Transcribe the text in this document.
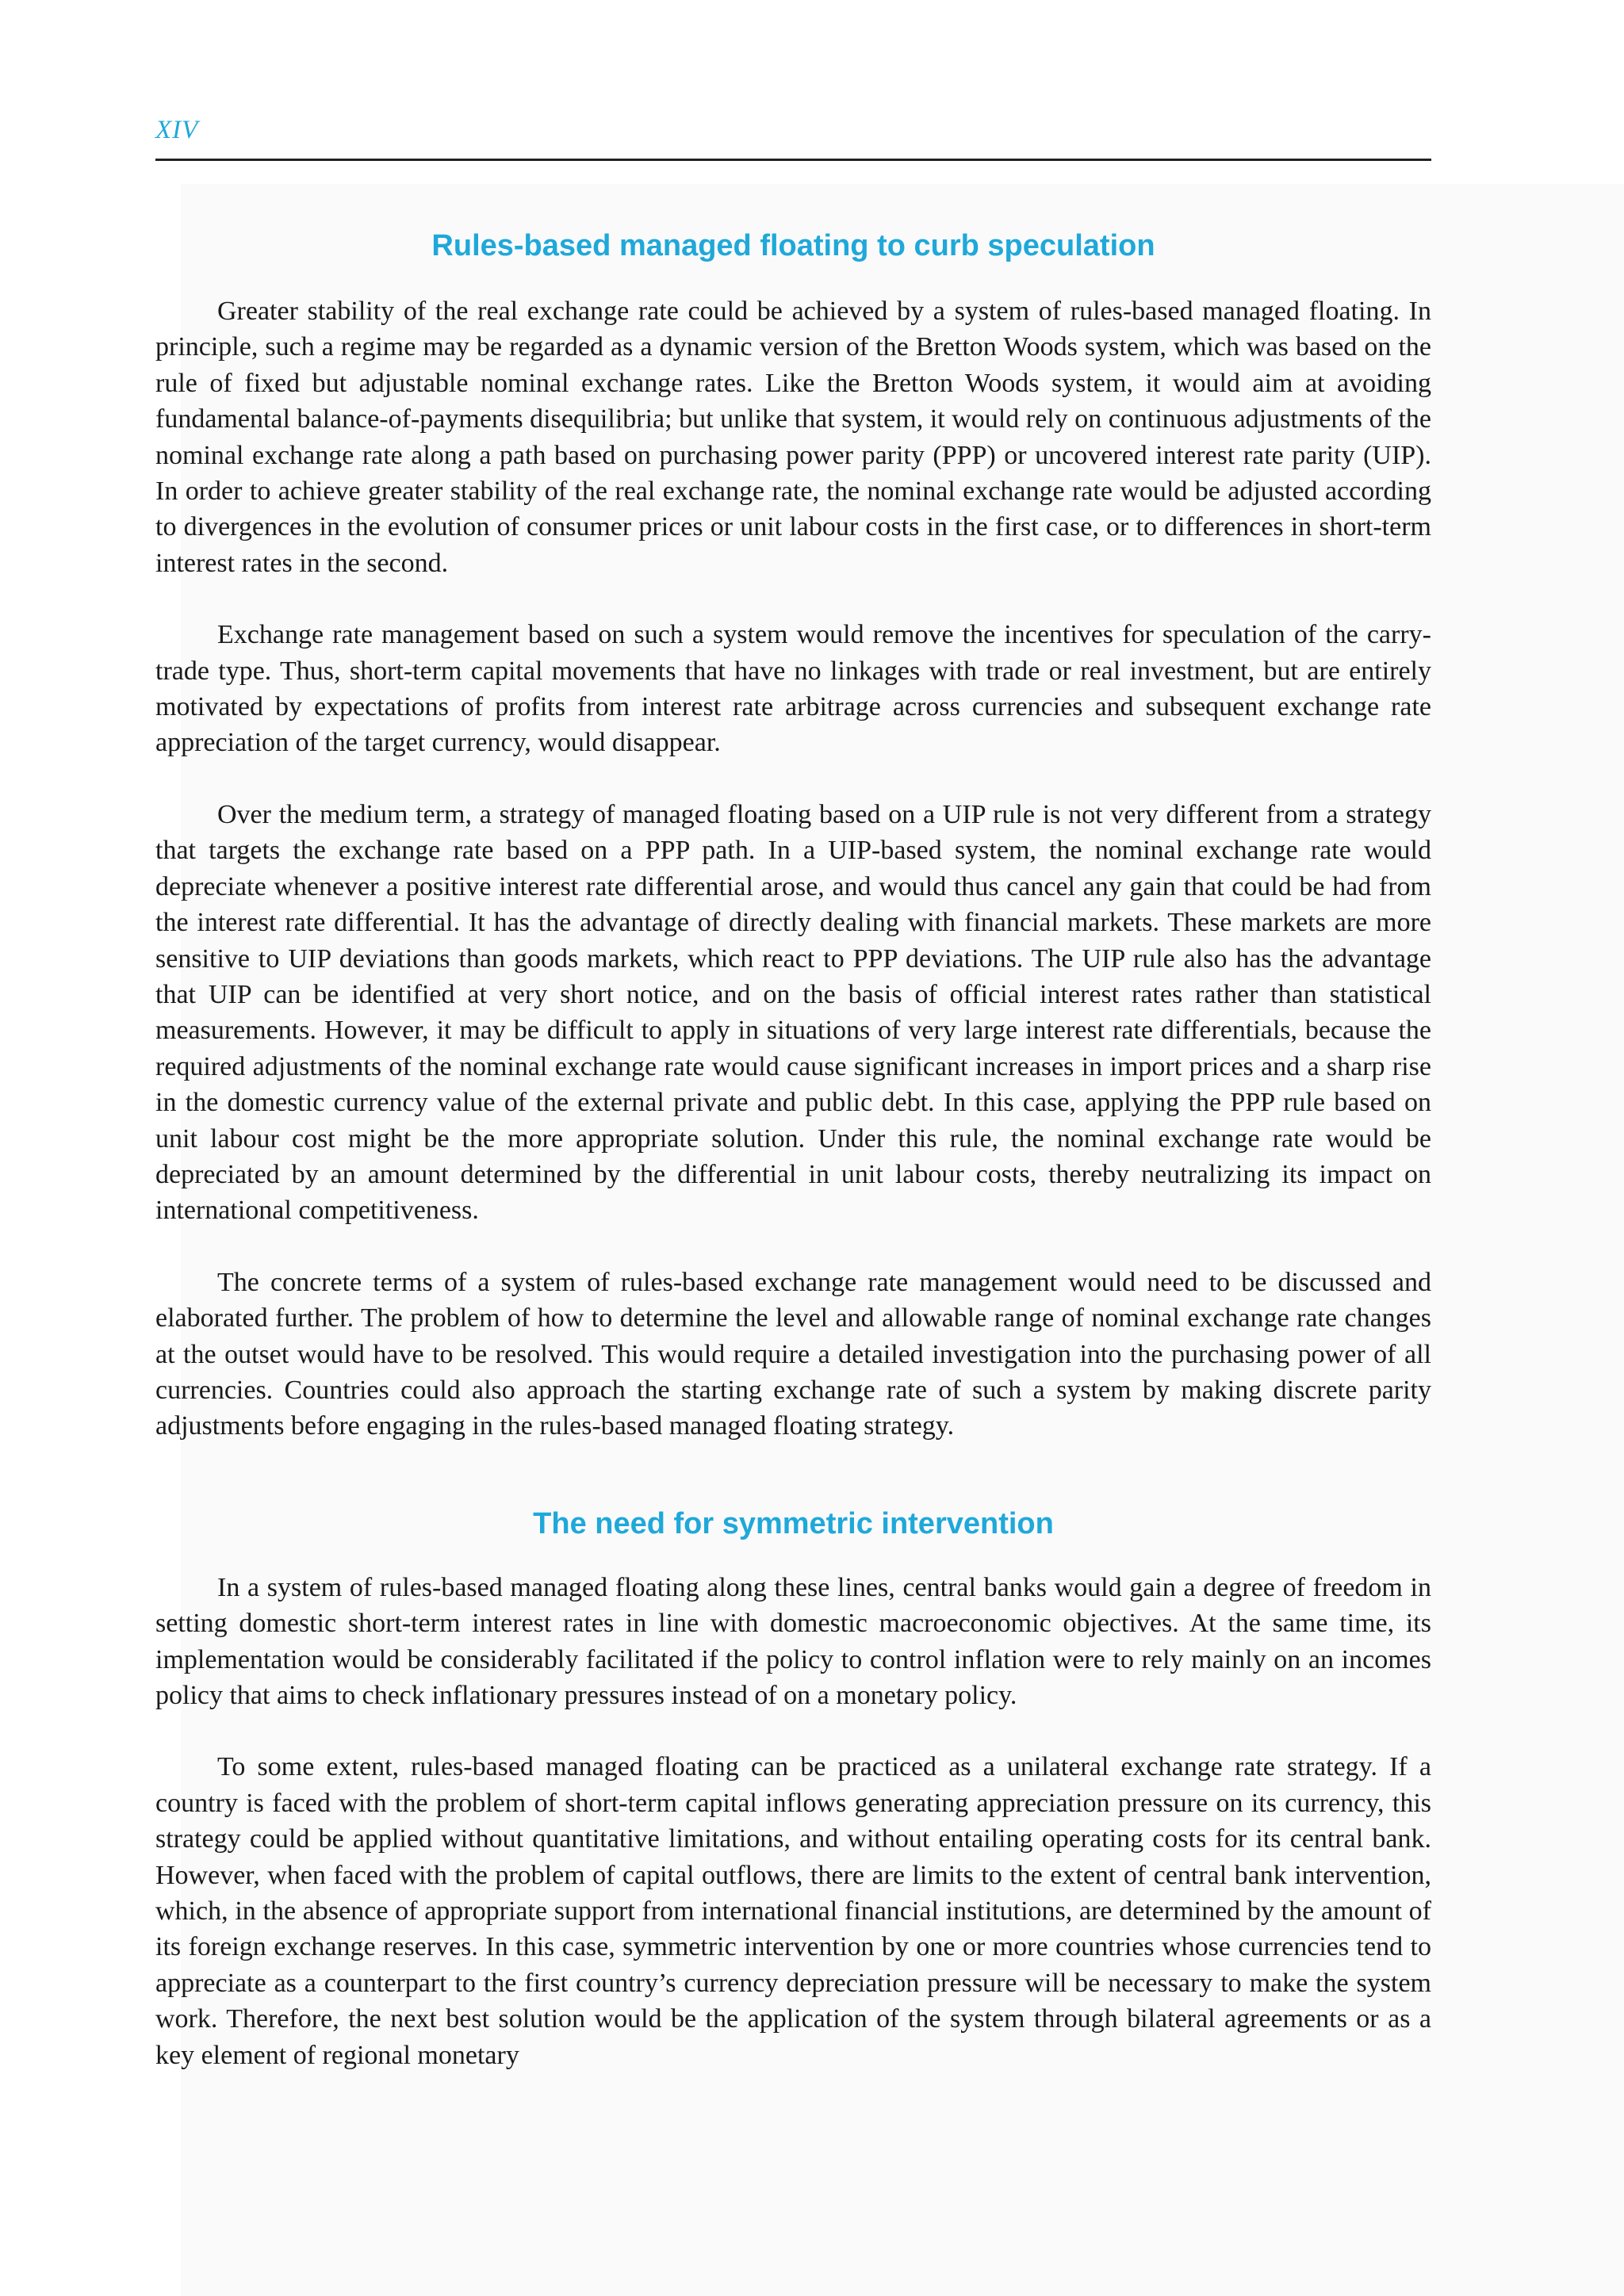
XIV
Rules-based managed floating to curb speculation

Greater stability of the real exchange rate could be achieved by a system of rules-based managed floating. In principle, such a regime may be regarded as a dynamic version of the Bretton Woods system, which was based on the rule of fixed but adjustable nominal exchange rates. Like the Bretton Woods system, it would aim at avoiding fundamental balance-of-payments disequilibria; but unlike that system, it would rely on continuous adjustments of the nominal exchange rate along a path based on purchasing power parity (PPP) or uncovered interest rate parity (UIP). In order to achieve greater stability of the real exchange rate, the nominal exchange rate would be adjusted according to divergences in the evolution of consumer prices or unit labour costs in the first case, or to differences in short-term interest rates in the second.

Exchange rate management based on such a system would remove the incentives for speculation of the carry-trade type. Thus, short-term capital movements that have no linkages with trade or real investment, but are entirely motivated by expectations of profits from interest rate arbitrage across currencies and subsequent exchange rate appreciation of the target currency, would disappear.

Over the medium term, a strategy of managed floating based on a UIP rule is not very different from a strategy that targets the exchange rate based on a PPP path. In a UIP-based system, the nominal exchange rate would depreciate whenever a positive interest rate differential arose, and would thus cancel any gain that could be had from the interest rate differential. It has the advantage of directly dealing with financial markets. These markets are more sensitive to UIP deviations than goods markets, which react to PPP deviations. The UIP rule also has the advantage that UIP can be identified at very short notice, and on the basis of official interest rates rather than statistical measurements. However, it may be difficult to apply in situations of very large interest rate differentials, because the required adjustments of the nominal exchange rate would cause significant increases in import prices and a sharp rise in the domestic currency value of the external private and public debt. In this case, applying the PPP rule based on unit labour cost might be the more appropriate solution. Under this rule, the nominal exchange rate would be depreciated by an amount determined by the differential in unit labour costs, thereby neutralizing its impact on international competitiveness.

The concrete terms of a system of rules-based exchange rate management would need to be discussed and elaborated further. The problem of how to determine the level and allowable range of nominal exchange rate changes at the outset would have to be resolved. This would require a detailed investigation into the purchasing power of all currencies. Countries could also approach the starting exchange rate of such a system by making discrete parity adjustments before engaging in the rules-based managed floating strategy.

The need for symmetric intervention

In a system of rules-based managed floating along these lines, central banks would gain a degree of freedom in setting domestic short-term interest rates in line with domestic macroeconomic objectives. At the same time, its implementation would be considerably facilitated if the policy to control inflation were to rely mainly on an incomes policy that aims to check inflationary pressures instead of on a monetary policy.

To some extent, rules-based managed floating can be practiced as a unilateral exchange rate strategy. If a country is faced with the problem of short-term capital inflows generating appreciation pressure on its currency, this strategy could be applied without quantitative limitations, and without entailing operating costs for its central bank. However, when faced with the problem of capital outflows, there are limits to the extent of central bank intervention, which, in the absence of appropriate support from international financial institutions, are determined by the amount of its foreign exchange reserves. In this case, symmetric intervention by one or more countries whose currencies tend to appreciate as a counterpart to the first country’s currency depreciation pressure will be necessary to make the system work. Therefore, the next best solution would be the application of the system through bilateral agreements or as a key element of regional monetary
